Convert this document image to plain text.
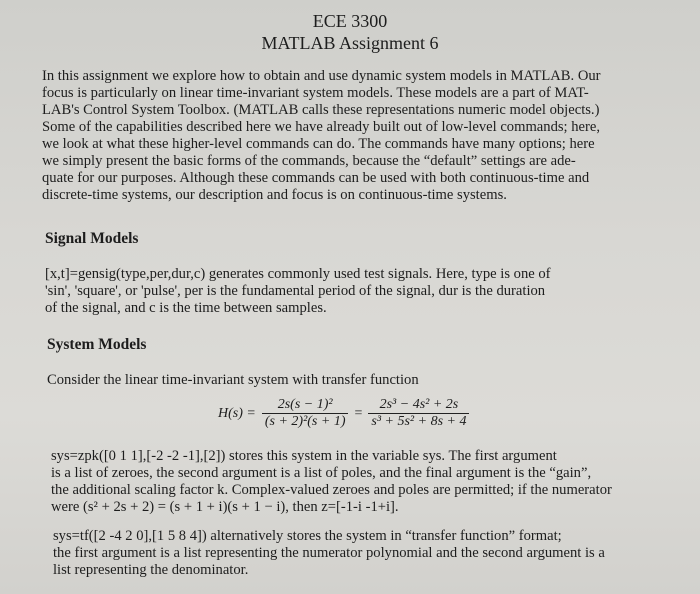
ECE 3300
MATLAB Assignment 6
In this assignment we explore how to obtain and use dynamic system models in MATLAB. Our
focus is particularly on linear time-invariant system models. These models are a part of MAT-
LAB's Control System Toolbox. (MATLAB calls these representations numeric model objects.)
Some of the capabilities described here we have already built out of low-level commands; here,
we look at what these higher-level commands can do. The commands have many options; here
we simply present the basic forms of the commands, because the “default” settings are ade-
quate for our purposes. Although these commands can be used with both continuous-time and
discrete-time systems, our description and focus is on continuous-time systems.
Signal Models
[x,t]=gensig(type,per,dur,c) generates commonly used test signals. Here, type is one of
'sin', 'square', or 'pulse', per is the fundamental period of the signal, dur is the duration
of the signal, and c is the time between samples.
System Models
Consider the linear time-invariant system with transfer function
$H(s) = \frac{\text{2s(s − 1)²}}{\text{(s + 2)²(s + 1)}} = \frac{\text{2s³ − 4s² + 2s}}{\text{s³ + 5s² + 8s + 4}}$
sys=zpk([0 1 1],[-2 -2 -1],[2]) stores this system in the variable sys. The first argument
is a list of zeroes, the second argument is a list of poles, and the final argument is the “gain”,
the additional scaling factor k. Complex-valued zeroes and poles are permitted; if the numerator
were (s² + 2s + 2) = (s + 1 + i)(s + 1 − i), then z=[-1-i -1+i].
sys=tf([2 -4 2 0],[1 5 8 4]) alternatively stores the system in “transfer function” format;
the first argument is a list representing the numerator polynomial and the second argument is a
list representing the denominator.
